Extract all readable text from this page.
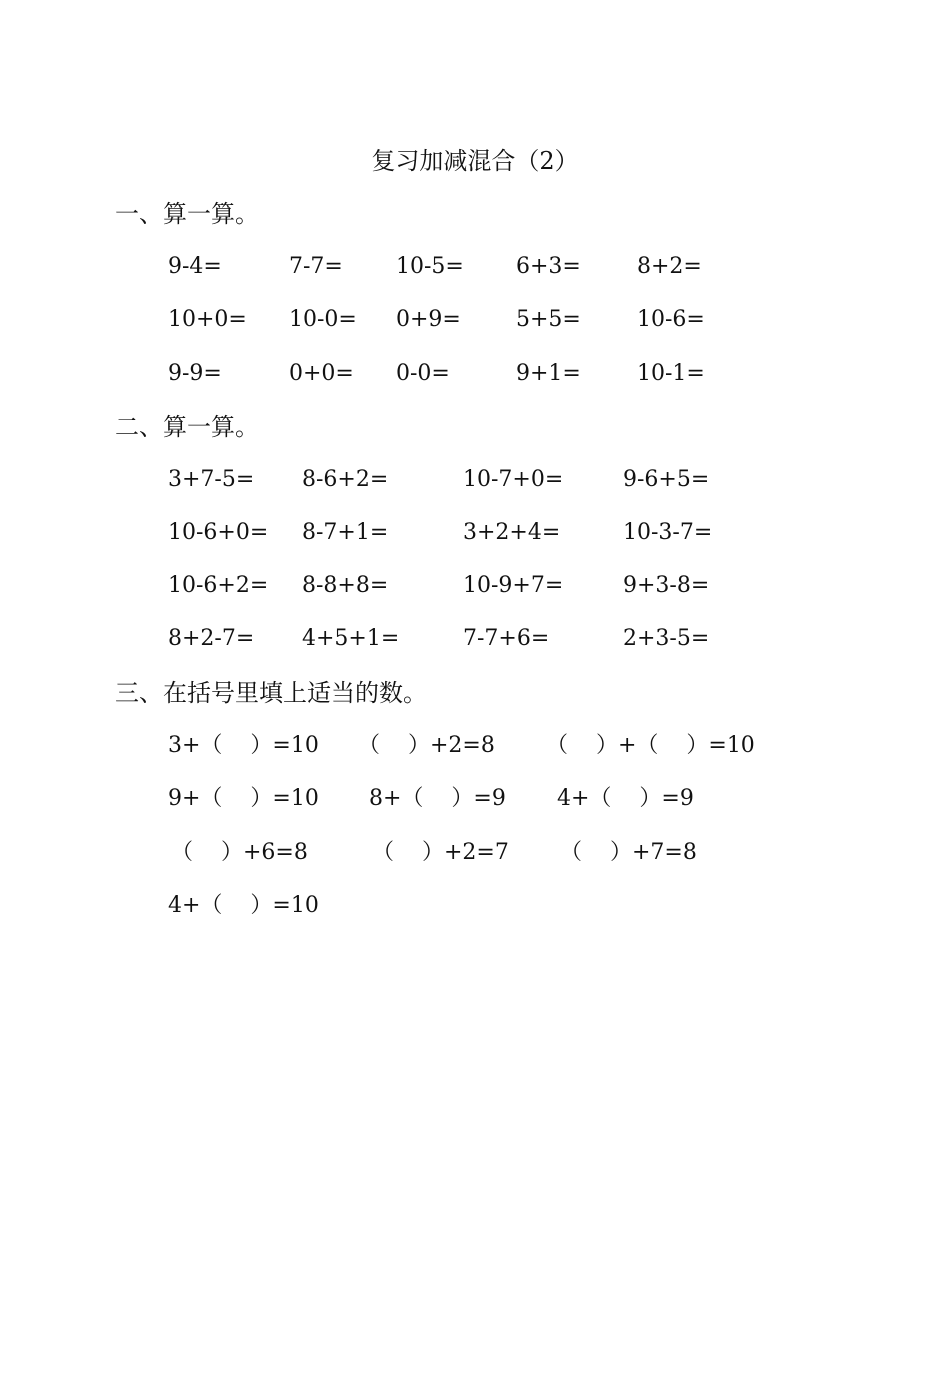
复习加减混合（2）
一、算一算。
9-4=	7-7= 10-5= 6+3=	8+2=
10+0= 10-0= 0+9=	5+5=	10-6=
9-9=	0+0= 0-0=	9+1=	10-1=
二、算一算。
3+7-5= 8-6+2=	10-7+0=	9-6+5=
10-6+0= 8-7+1=	3+2+4=	10-3-7=
10-6+2= 8-8+8=	10-9+7=	9+3-8=
8+2-7= 4+5+1=	7-7+6=	2+3-5=
三、在括号里填上适当的数。
3+（    ）=10 （    ）+2=8 （    ）+（    ）=10
9+（    ）=10 8+（    ）=9 4+（    ）=9
（    ）+6=8	（    ）+2=7 （    ）+7=8
4+（    ）=10
